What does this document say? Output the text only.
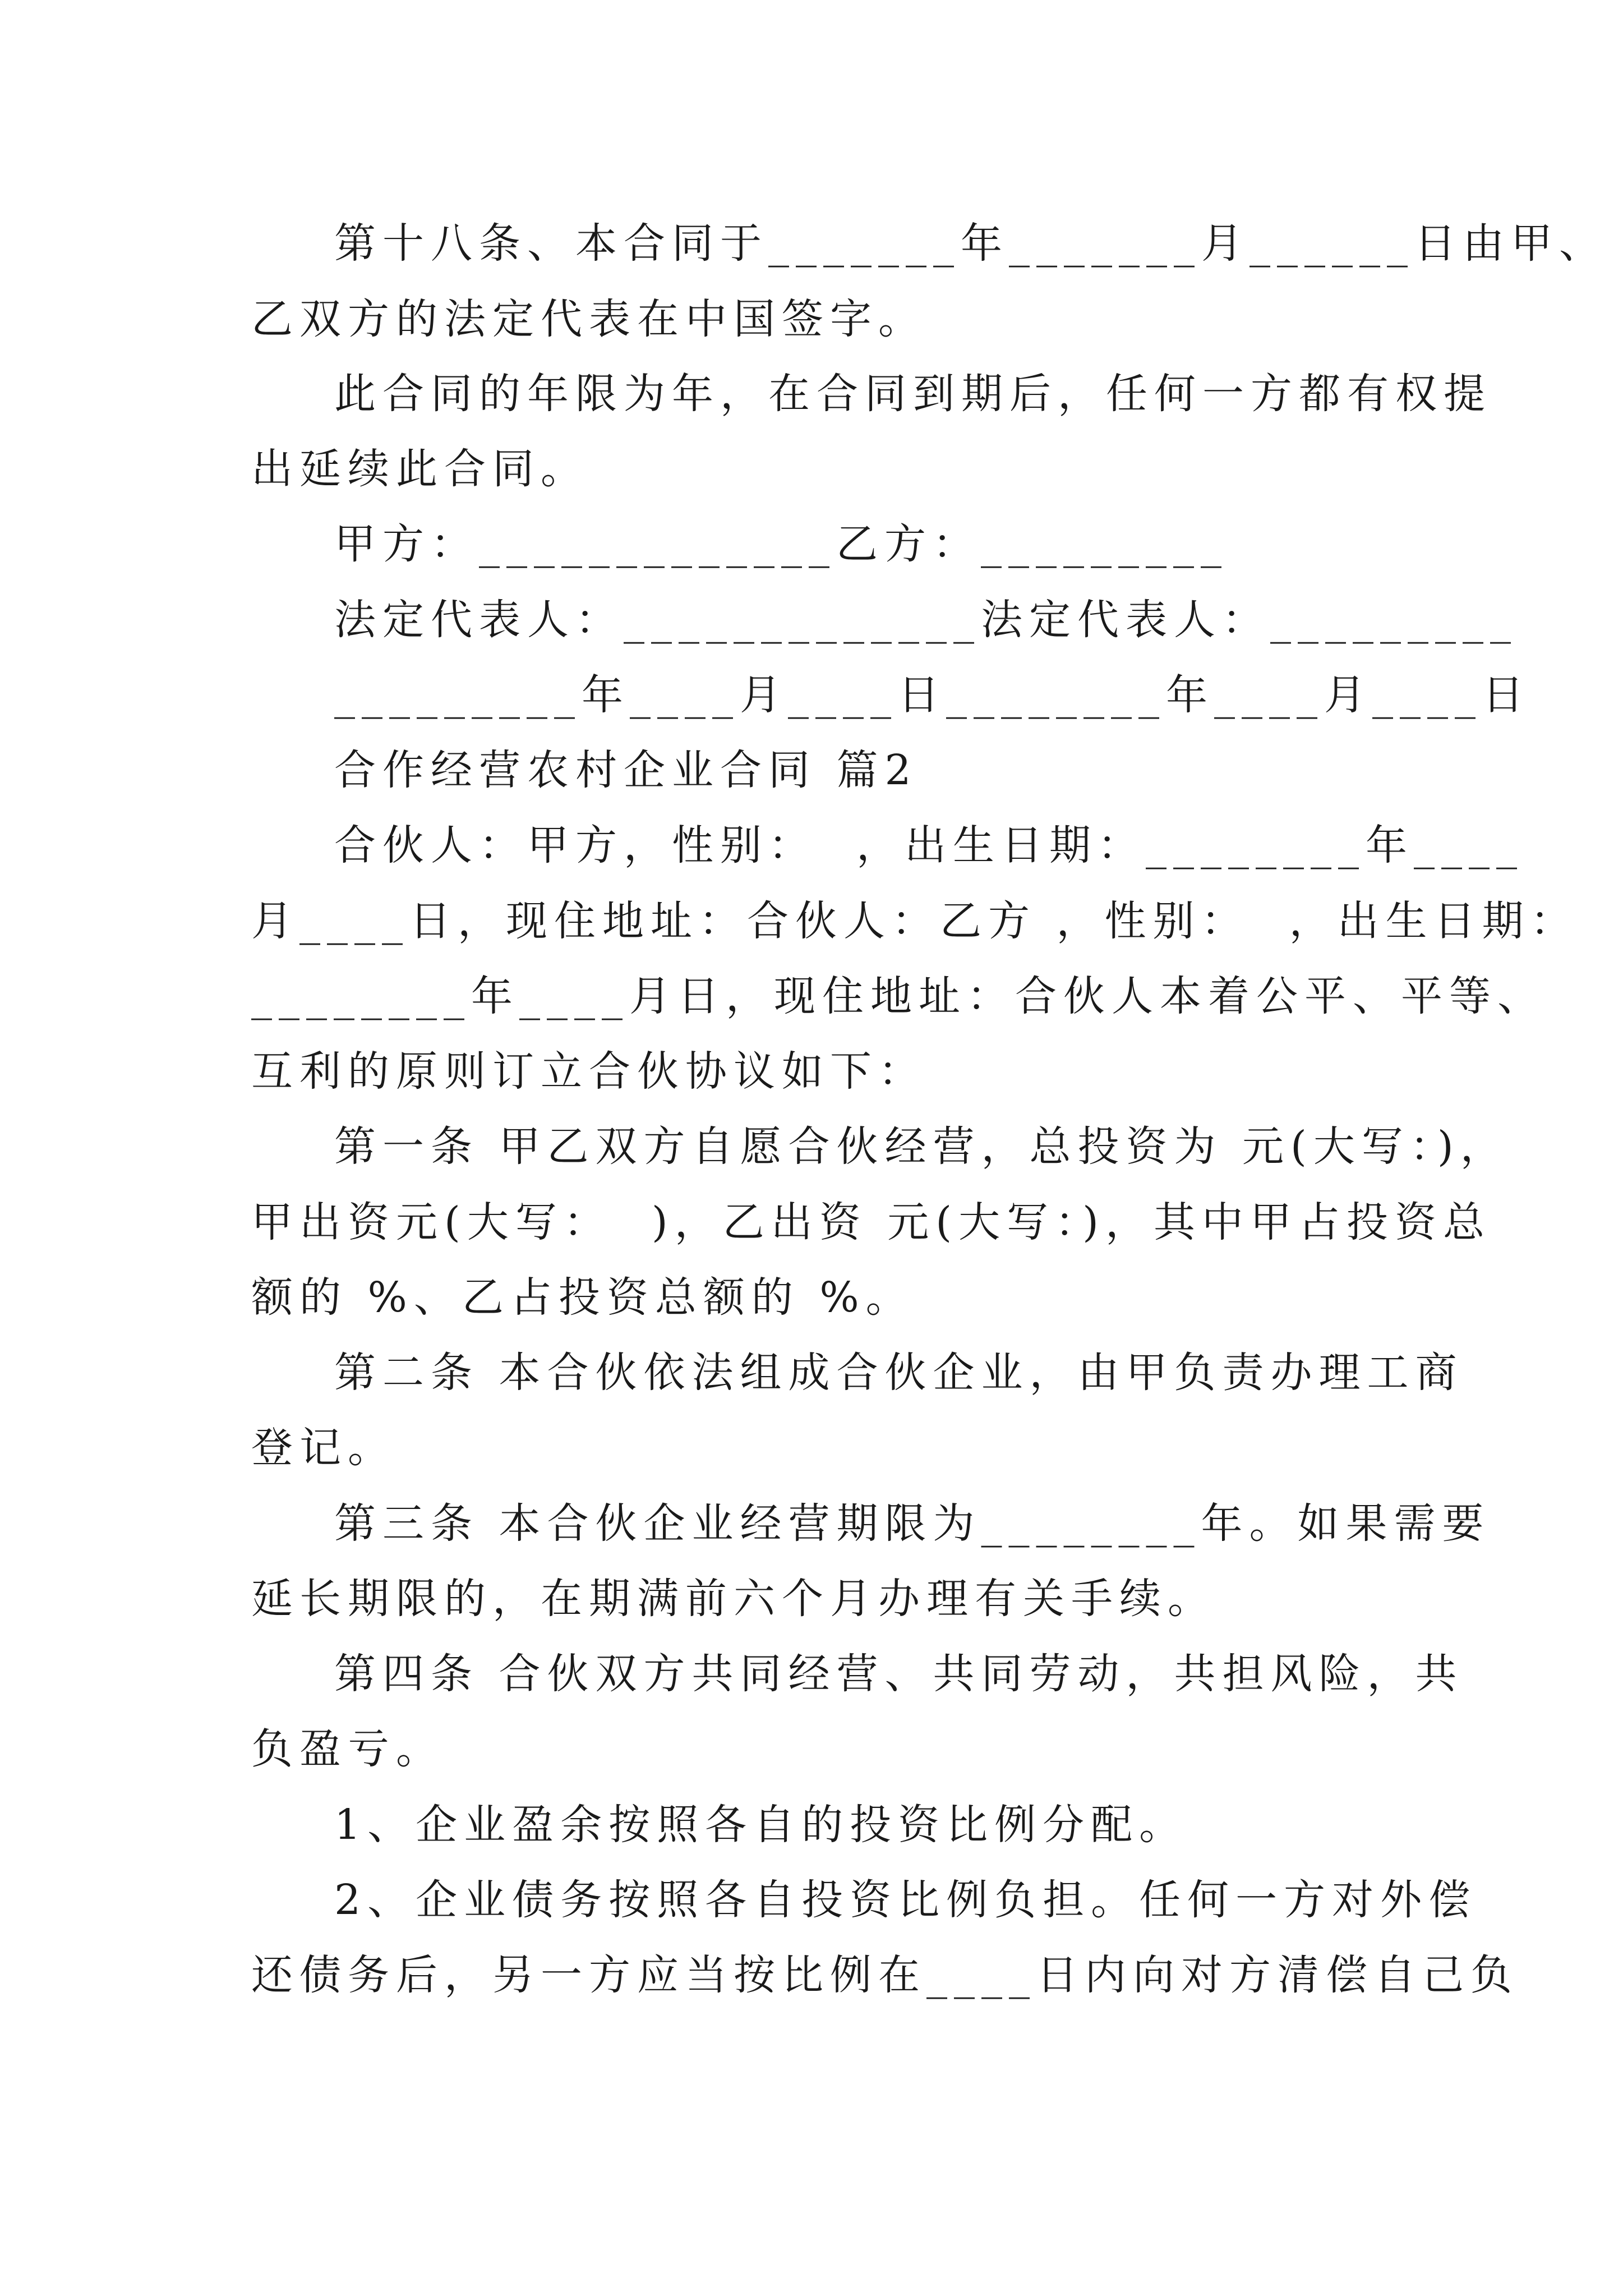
第十八条、本合同于_______年_______月______日由甲、
乙双方的法定代表在中国签字。
此合同的年限为年，在合同到期后，任何一方都有权提
出延续此合同。
甲方：_____________乙方：_________
法定代表人：_____________法定代表人：_________
_________年____月____日________年____月____日
合作经营农村企业合同 篇2
合伙人：甲方，性别：  ，出生日期：________年____
月____日，现住地址：合伙人：乙方 ，性别：  ，出生日期：
________年____月日，现住地址：合伙人本着公平、平等、
互利的原则订立合伙协议如下：
第一条 甲乙双方自愿合伙经营，总投资为 元(大写：)，
甲出资元(大写：  )，乙出资 元(大写：)，其中甲占投资总
额的 %、乙占投资总额的 %。
第二条 本合伙依法组成合伙企业，由甲负责办理工商
登记。
第三条 本合伙企业经营期限为________年。如果需要
延长期限的，在期满前六个月办理有关手续。
第四条 合伙双方共同经营、共同劳动，共担风险，共
负盈亏。
1、企业盈余按照各自的投资比例分配。
2、企业债务按照各自投资比例负担。任何一方对外偿
还债务后，另一方应当按比例在____日内向对方清偿自己负
